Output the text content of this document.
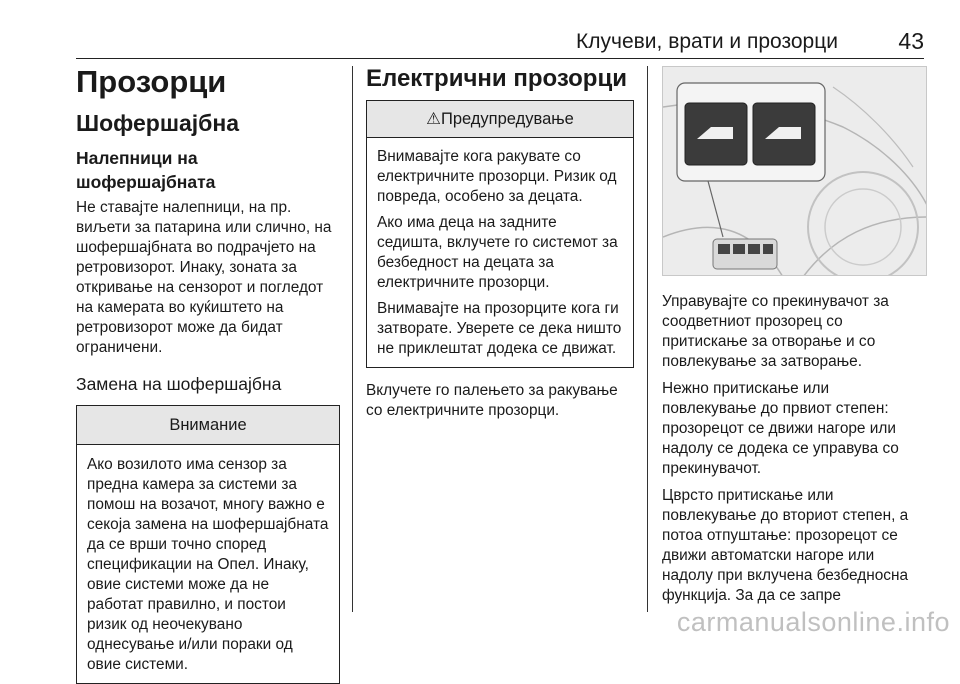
Клучеви, врати и прозорци	43
Прозорци
Шофершајбна
Налепници на шофершајбната

Не ставајте налепници, на пр. виљети за патарина или слично, на шофершајбната во подрачјето на ретровизорот. Инаку, зоната за откривање на сензорот и погледот на камерата во куќиштето на ретровизорот може да бидат ограничени.

Замена на шофершајбна
Внимание

Ако возилото има сензор за предна камера за системи за помош на возачот, многу важно е секоја замена на шофершајбната да се врши точно според спецификации на Опел. Инаку, овие системи може да не работат правилно, и постои ризик од неочекувано однесување и/или пораки од овие системи.

Електрични прозорци
⚠Предупредување

Внимавајте кога ракувате со електричните прозорци. Ризик од повреда, особено за децата.

Ако има деца на задните седишта, вклучете го системот за безбедност на децата за електричните прозорци.

Внимавајте на прозорците кога ги затворате. Уверете се дека ништо не приклештат додека се движат.

Вклучете го палењето за ракување со електричните прозорци.

Управувајте со прекинувачот за соодветниот прозорец со притискање за отворање и со повлекување за затворање.

Нежно притискање или повлекување до првиот степен: прозорецот се движи нагоре или надолу се додека се управува со прекинувачот.

Цврсто притискање или повлекување до вториот степен, а потоа отпуштање: прозорецот се движи автоматски нагоре или надолу при вклучена безбедносна функција. За да се запре

carmanualsonline.info
